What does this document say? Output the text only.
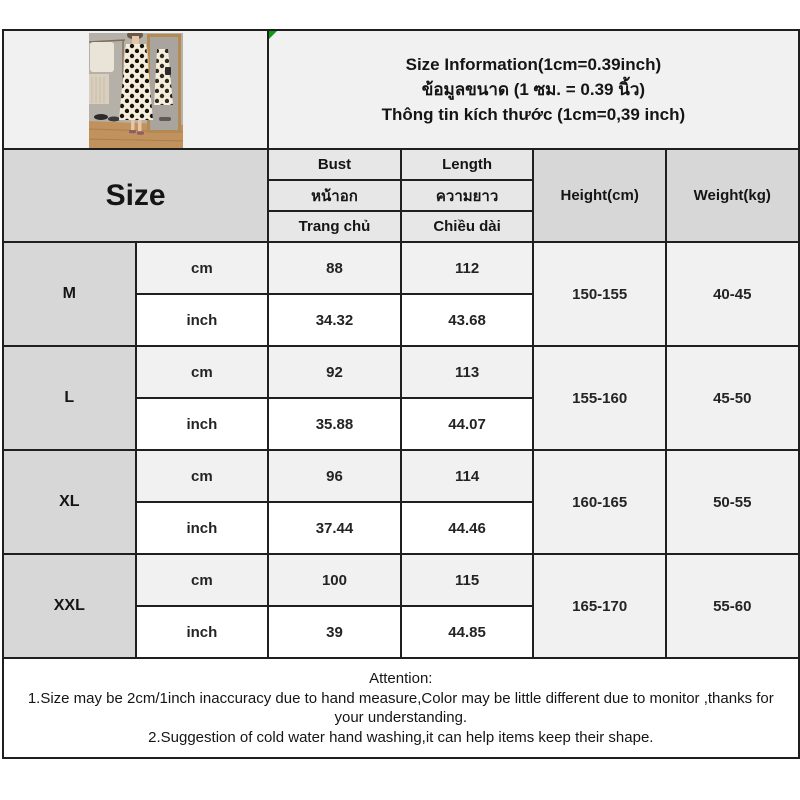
Size Information(1cm=0.39inch)
ข้อมูลขนาด (1 ซม. = 0.39 นิ้ว)
Thông tin kích thước (1cm=0,39 inch)			

Size		Bust	Length	Height(cm)	Weight(kg)
		หน้าอก	ความยาว		
		Trang chủ	Chiều dài		
M	cm	88	112	150-155	40-45
	inch	34.32	43.68		
L	cm	92	113	155-160	45-50
	inch	35.88	44.07		
XL	cm	96	114	160-165	50-55
	inch	37.44	44.46		
XXL	cm	100	115	165-170	55-60
	inch	39	44.85		

Attention:
1.Size may be 2cm/1inch inaccuracy due to hand measure,Color may be little different due to monitor ,thanks for your understanding.
2.Suggestion of cold water hand washing,it can help items keep their shape.					
